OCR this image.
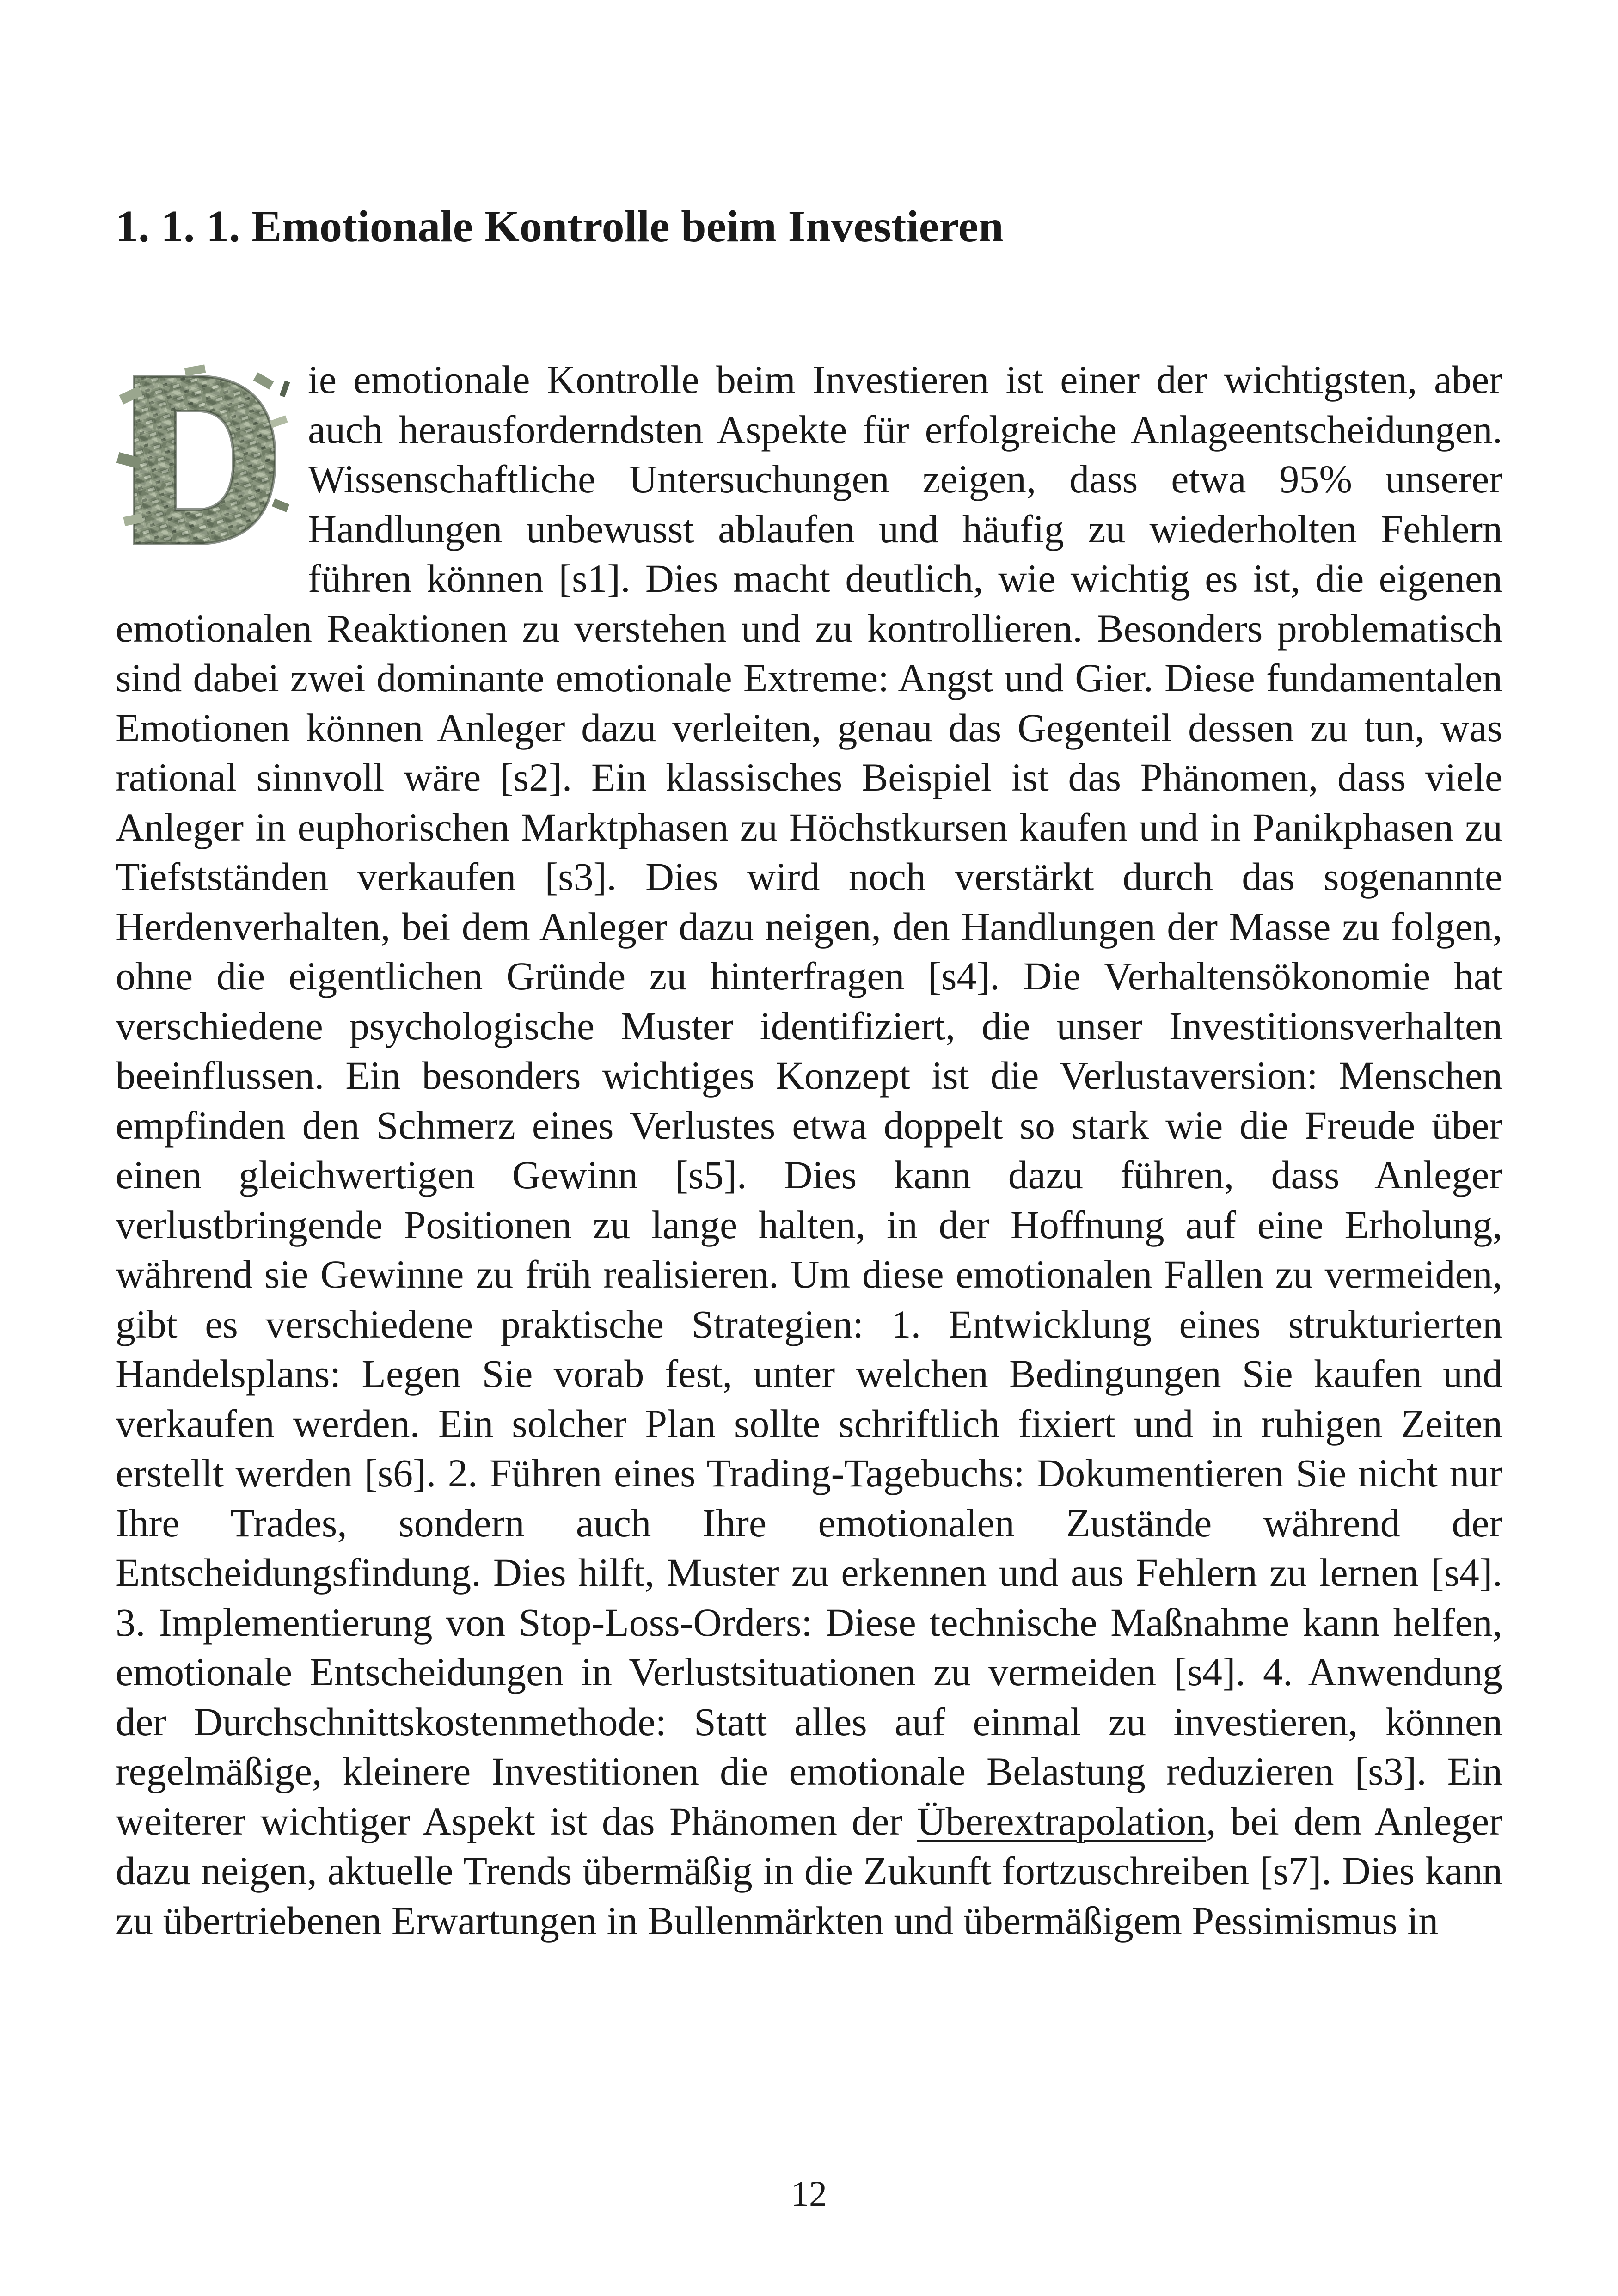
1. 1. 1. Emotionale Kontrolle beim Investieren

ie emotionale Kontrolle beim Investieren ist einer der wichtigsten, aber auch herausforderndsten Aspekte für erfolgreiche Anlageentscheidungen. Wissenschaftliche Untersuchungen zeigen, dass etwa 95% unserer Handlungen unbewusst ablaufen und häufig zu wiederholten Fehlern führen können [s1]. Dies macht deutlich, wie wichtig es ist, die eigenen emotionalen Reaktionen zu verstehen und zu kontrollieren. Besonders problematisch sind dabei zwei dominante emotionale Extreme: Angst und Gier. Diese fundamentalen Emotionen können Anleger dazu verleiten, genau das Gegenteil dessen zu tun, was rational sinnvoll wäre [s2]. Ein klassisches Beispiel ist das Phänomen, dass viele Anleger in euphorischen Marktphasen zu Höchstkursen kaufen und in Panikphasen zu Tiefstständen verkaufen [s3]. Dies wird noch verstärkt durch das sogenannte Herdenverhalten, bei dem Anleger dazu neigen, den Handlungen der Masse zu folgen, ohne die eigentlichen Gründe zu hinterfragen [s4]. Die Verhaltensökonomie hat verschiedene psychologische Muster identifiziert, die unser Investitionsverhalten beeinflussen. Ein besonders wichtiges Konzept ist die Verlustaversion: Menschen empfinden den Schmerz eines Verlustes etwa doppelt so stark wie die Freude über einen gleichwertigen Gewinn [s5]. Dies kann dazu führen, dass Anleger verlustbringende Positionen zu lange halten, in der Hoffnung auf eine Erholung, während sie Gewinne zu früh realisieren. Um diese emotionalen Fallen zu vermeiden, gibt es verschiedene praktische Strategien: 1. Entwicklung eines strukturierten Handelsplans: Legen Sie vorab fest, unter welchen Bedingungen Sie kaufen und verkaufen werden. Ein solcher Plan sollte schriftlich fixiert und in ruhigen Zeiten erstellt werden [s6]. 2. Führen eines Trading-Tagebuchs: Dokumentieren Sie nicht nur Ihre Trades, sondern auch Ihre emotionalen Zustände während der Entscheidungsfindung. Dies hilft, Muster zu erkennen und aus Fehlern zu lernen [s4]. 3. Implementierung von Stop-Loss-Orders: Diese technische Maßnahme kann helfen, emotionale Entscheidungen in Verlustsituationen zu vermeiden [s4]. 4. Anwendung der Durchschnittskostenmethode: Statt alles auf einmal zu investieren, können regelmäßige, kleinere Investitionen die emotionale Belastung reduzieren [s3]. Ein weiterer wichtiger Aspekt ist das Phänomen der Überextrapolation, bei dem Anleger dazu neigen, aktuelle Trends übermäßig in die Zukunft fortzuschreiben [s7]. Dies kann zu übertriebenen Erwartungen in Bullenmärkten und übermäßigem Pessimismus in

12
